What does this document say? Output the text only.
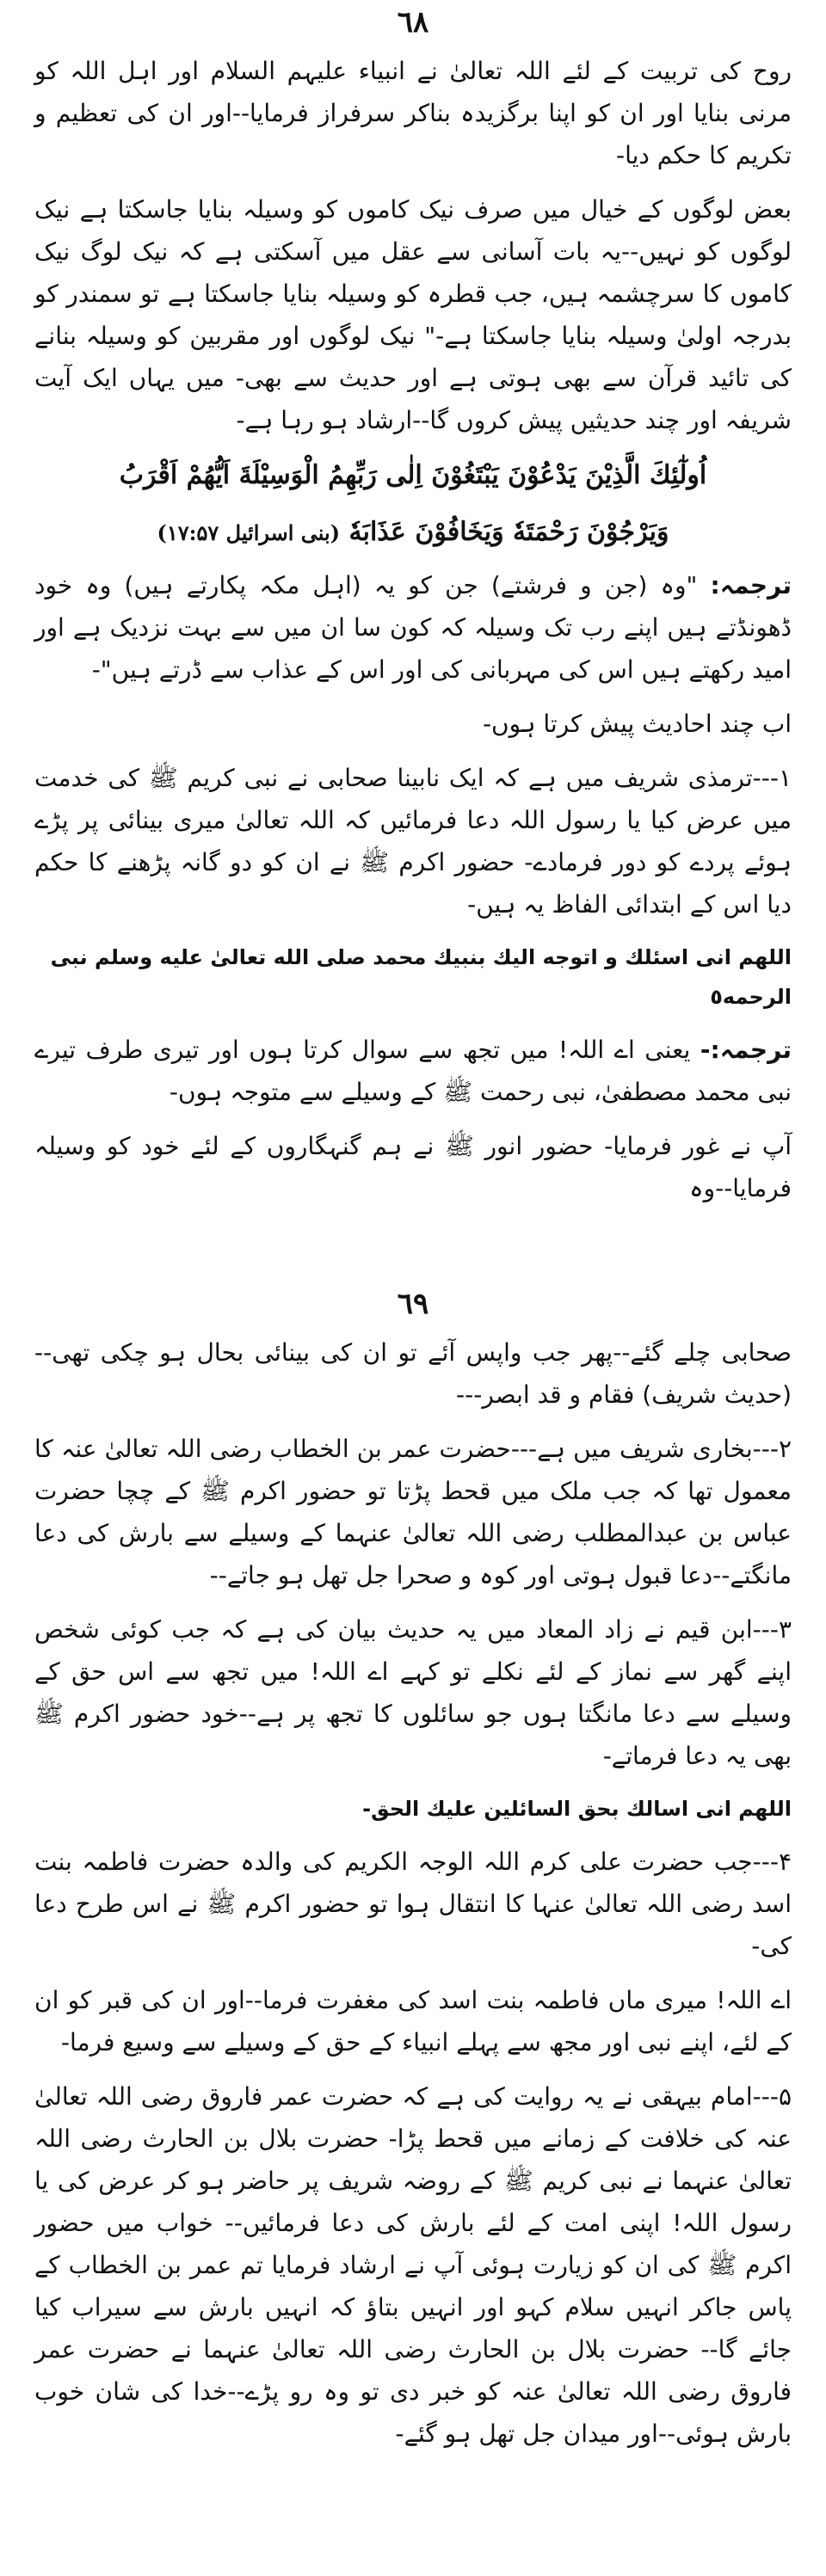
٦٨

روح کی تربیت کے لئے اللہ تعالیٰ نے انبیاء علیہم السلام اور اہل اللہ کو مرنی بنایا اور ان کو اپنا برگزیدہ بناکر سرفراز فرمایا--اور ان کی تعظیم و تکریم کا حکم دیا-

بعض لوگوں کے خیال میں صرف نیک کاموں کو وسیلہ بنایا جاسکتا ہے نیک لوگوں کو نہیں--یہ بات آسانی سے عقل میں آسکتی ہے کہ نیک لوگ نیک کاموں کا سرچشمہ ہیں، جب قطرہ کو وسیلہ بنایا جاسکتا ہے تو سمندر کو بدرجہ اولیٰ وسیلہ بنایا جاسکتا ہے-" نیک لوگوں اور مقربین کو وسیلہ بنانے کی تائید قرآن سے بھی ہوتی ہے اور حدیث سے بھی- میں یہاں ایک آیت شریفہ اور چند حدیثیں پیش کروں گا--ارشاد ہو رہا ہے-

اُولٰٓئِكَ الَّذِيْنَ يَدْعُوْنَ يَبْتَغُوْنَ اِلٰى رَبِّهِمُ الْوَسِيْلَةَ اَيُّهُمْ اَقْرَبُ

وَيَرْجُوْنَ رَحْمَتَهٗ وَيَخَافُوْنَ عَذَابَهٗ (بنی اسرائیل ۱۷:۵۷)

ترجمہ: "وہ (جن و فرشتے) جن کو یہ (اہل مکہ پکارتے ہیں) وہ خود ڈھونڈتے ہیں اپنے رب تک وسیلہ کہ کون سا ان میں سے بہت نزدیک ہے اور امید رکھتے ہیں اس کی مہربانی کی اور اس کے عذاب سے ڈرتے ہیں"-

اب چند احادیث پیش کرتا ہوں-

۱---ترمذی شریف میں ہے کہ ایک نابینا صحابی نے نبی کریم ﷺ کی خدمت میں عرض کیا یا رسول اللہ دعا فرمائیں کہ اللہ تعالیٰ میری بینائی پر پڑے ہوئے پردے کو دور فرمادے- حضور اکرم ﷺ نے ان کو دو گانہ پڑھنے کا حکم دیا اس کے ابتدائی الفاظ یہ ہیں-

اللهم انى اسئلك و اتوجه اليك بنبيك محمد صلى الله تعالىٰ عليه وسلم نبى الرحمه٥

ترجمہ:- یعنی اے اللہ! میں تجھ سے سوال کرتا ہوں اور تیری طرف تیرے نبی محمد مصطفیٰ، نبی رحمت ﷺ کے وسیلے سے متوجہ ہوں-

آپ نے غور فرمایا- حضور انور ﷺ نے ہم گنہگاروں کے لئے خود کو وسیلہ فرمایا--وہ

٦٩

صحابی چلے گئے--پھر جب واپس آئے تو ان کی بینائی بحال ہو چکی تھی--(حدیث شریف) فقام و قد ابصر---

۲---بخاری شریف میں ہے---حضرت عمر بن الخطاب رضی اللہ تعالیٰ عنہ کا معمول تھا کہ جب ملک میں قحط پڑتا تو حضور اکرم ﷺ کے چچا حضرت عباس بن عبدالمطلب رضی اللہ تعالیٰ عنہما کے وسیلے سے بارش کی دعا مانگتے--دعا قبول ہوتی اور کوہ و صحرا جل تھل ہو جاتے--

۳---ابن قیم نے زاد المعاد میں یہ حدیث بیان کی ہے کہ جب کوئی شخص اپنے گھر سے نماز کے لئے نکلے تو کہے اے اللہ! میں تجھ سے اس حق کے وسیلے سے دعا مانگتا ہوں جو سائلوں کا تجھ پر ہے--خود حضور اکرم ﷺ بھی یہ دعا فرماتے-

اللهم انى اسالك بحق السائلين عليك الحق-

۴---جب حضرت علی کرم اللہ الوجہ الکریم کی والدہ حضرت فاطمہ بنت اسد رضی اللہ تعالیٰ عنہا کا انتقال ہوا تو حضور اکرم ﷺ نے اس طرح دعا کی-

اے اللہ! میری ماں فاطمہ بنت اسد کی مغفرت فرما--اور ان کی قبر کو ان کے لئے، اپنے نبی اور مجھ سے پہلے انبیاء کے حق کے وسیلے سے وسیع فرما-

۵---امام بیہقی نے یہ روایت کی ہے کہ حضرت عمر فاروق رضی اللہ تعالیٰ عنہ کی خلافت کے زمانے میں قحط پڑا- حضرت بلال بن الحارث رضی اللہ تعالیٰ عنہما نے نبی کریم ﷺ کے روضہ شریف پر حاضر ہو کر عرض کی یا رسول اللہ! اپنی امت کے لئے بارش کی دعا فرمائیں-- خواب میں حضور اکرم ﷺ کی ان کو زیارت ہوئی آپ نے ارشاد فرمایا تم عمر بن الخطاب کے پاس جاکر انہیں سلام کہو اور انہیں بتاؤ کہ انہیں بارش سے سیراب کیا جائے گا-- حضرت بلال بن الحارث رضی اللہ تعالیٰ عنہما نے حضرت عمر فاروق رضی اللہ تعالیٰ عنہ کو خبر دی تو وہ رو پڑے--خدا کی شان خوب بارش ہوئی--اور میدان جل تھل ہو گئے-
